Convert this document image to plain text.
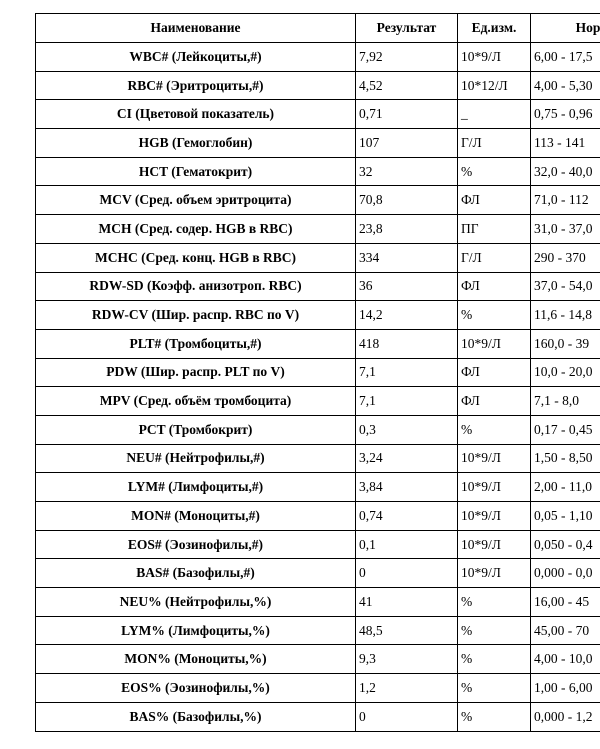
Наименование	Результат	Ед.изм.	Нор
WBC# (Лейкоциты,#)	7,92	10*9/Л	6,00 - 17,5
RBC# (Эритроциты,#)	4,52	10*12/Л	4,00 - 5,30
CI (Цветовой показатель)	0,71	_	0,75 - 0,96
HGB (Гемоглобин)	107	Г/Л	113 - 141
HCT (Гематокрит)	32	%	32,0 - 40,0
MCV (Сред. объем эритроцита)	70,8	ФЛ	71,0 - 112
MCH (Сред. содер. HGB в RBC)	23,8	ПГ	31,0 - 37,0
MCHC (Сред. конц. HGB в RBC)	334	Г/Л	290 - 370
RDW-SD (Коэфф. анизотроп. RBC)	36	ФЛ	37,0 - 54,0
RDW-CV (Шир. распр. RBC по V)	14,2	%	11,6 - 14,8
PLT# (Тромбоциты,#)	418	10*9/Л	160,0 - 39
PDW (Шир. распр. PLT по V)	7,1	ФЛ	10,0 - 20,0
MPV (Сред. объём тромбоцита)	7,1	ФЛ	7,1 - 8,0
PCT (Тромбокрит)	0,3	%	0,17 - 0,45
NEU# (Нейтрофилы,#)	3,24	10*9/Л	1,50 - 8,50
LYM# (Лимфоциты,#)	3,84	10*9/Л	2,00 - 11,0
MON# (Моноциты,#)	0,74	10*9/Л	0,05 - 1,10
EOS# (Эозинофилы,#)	0,1	10*9/Л	0,050 - 0,4
BAS# (Базофилы,#)	0	10*9/Л	0,000 - 0,0
NEU% (Нейтрофилы,%)	41	%	16,00 - 45
LYM% (Лимфоциты,%)	48,5	%	45,00 - 70
MON% (Моноциты,%)	9,3	%	4,00 - 10,0
EOS% (Эозинофилы,%)	1,2	%	1,00 - 6,00
BAS% (Базофилы,%)	0	%	0,000 - 1,2
